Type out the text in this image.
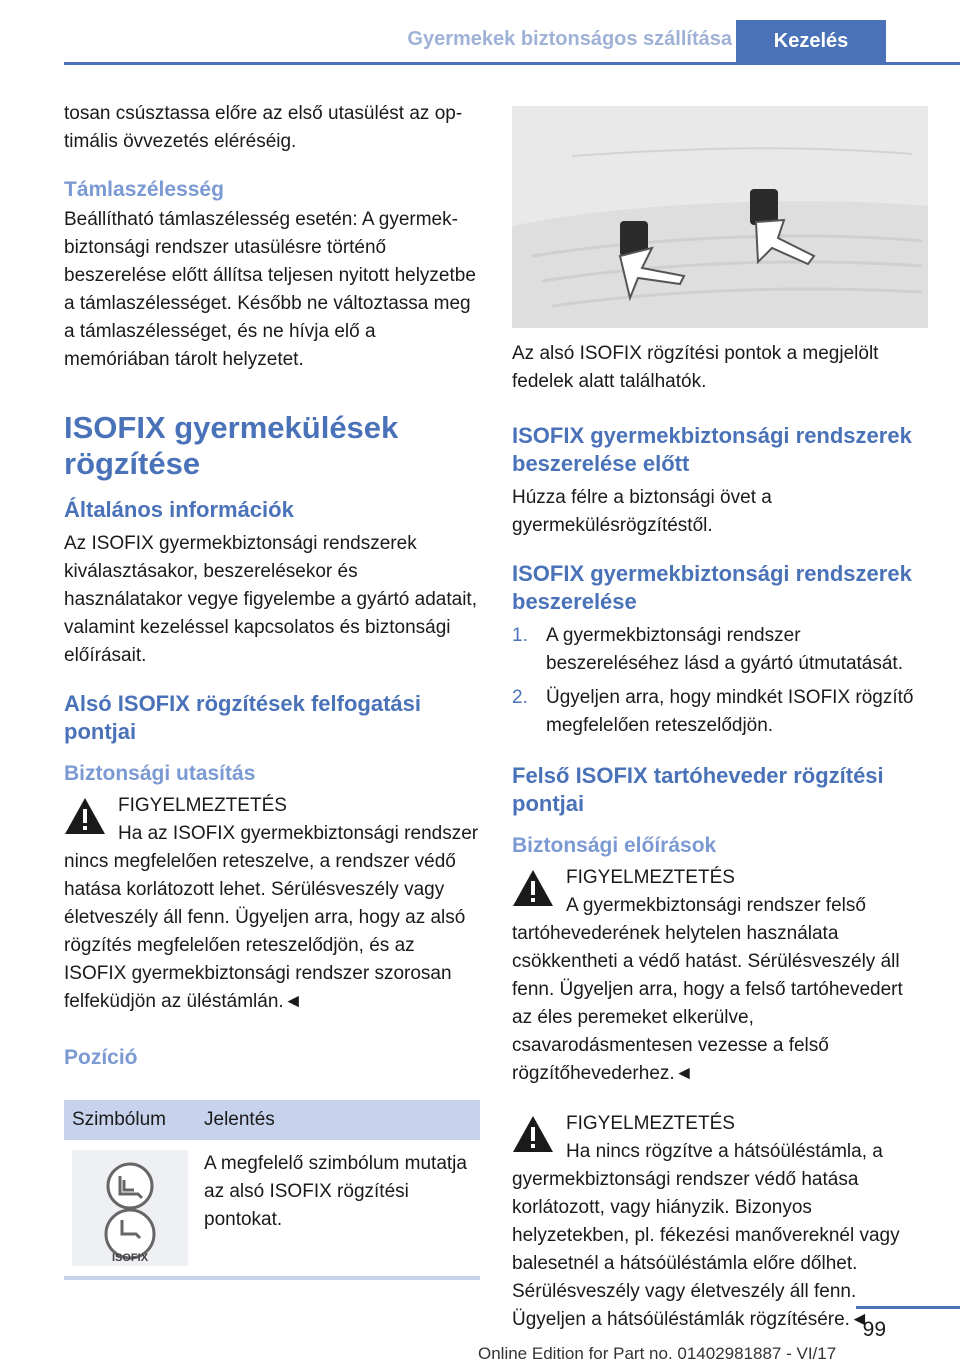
Gyermekek biztonságos szállítása	Kezelés

tosan csúsztassa előre az első utasülést az op-
timális övvezetés eléréséig.

Támlaszélesség

Beállítható támlaszélesség esetén: A gyermek-biztonsági rendszer utasülésre történő beszerelése előtt állítsa teljesen nyitott helyzetbe a támlaszélességet. Később ne változtassa meg a támlaszélességet, és ne hívja elő a memóriában tárolt helyzetet.

ISOFIX gyermekülések rögzítése
Általános információk

Az ISOFIX gyermekbiztonsági rendszerek kiválasztásakor, beszerelésekor és használatakor vegye figyelembe a gyártó adatait, valamint kezeléssel kapcsolatos és biztonsági előírásait.

Alsó ISOFIX rögzítések felfogatási pontjai
Biztonsági utasítás

FIGYELMEZTETÉS

Ha az ISOFIX gyermekbiztonsági rendszer nincs megfelelően reteszelve, a rendszer védő hatása korlátozott lehet. Sérülésveszély vagy életveszély áll fenn. Ügyeljen arra, hogy az alsó rögzítés megfelelően reteszelődjön, és az ISOFIX gyermekbiztonsági rendszer szorosan felfeküdjön az üléstámlán.◄

Pozíció
Szimbólum	Jelentés

ISOFIX	A megfelelő szimbólum mutatja az alsó ISOFIX rögzítési pontokat.

Az alsó ISOFIX rögzítési pontok a megjelölt fedelek alatt találhatók.

ISOFIX gyermekbiztonsági rendszerek beszerelése előtt

Húzza félre a biztonsági övet a gyermekülésrögzítéstől.

ISOFIX gyermekbiztonsági rendszerek beszerelése
1. A gyermekbiztonsági rendszer beszereléséhez lásd a gyártó útmutatását.
2. Ügyeljen arra, hogy mindkét ISOFIX rögzítő megfelelően reteszelődjön.
Felső ISOFIX tartóheveder rögzítési pontjai
Biztonsági előírások

FIGYELMEZTETÉS

A gyermekbiztonsági rendszer felső tartóhevederének helytelen használata csökkentheti a védő hatást. Sérülésveszély áll fenn. Ügyeljen arra, hogy a felső tartóhevedert az éles peremeket elkerülve, csavarodásmentesen vezesse a felső rögzítőhevederhez.◄

FIGYELMEZTETÉS

Ha nincs rögzítve a hátsóüléstámla, a gyermekbiztonsági rendszer védő hatása korlátozott, vagy hiányzik. Bizonyos helyzetekben, pl. fékezési manővereknél vagy balesetnél a hátsóüléstámla előre dőlhet. Sérülésveszély vagy életveszély áll fenn. Ügyeljen a hátsóüléstámlák rögzítésére.◄

99
Online Edition for Part no. 01402981887 - VI/17
